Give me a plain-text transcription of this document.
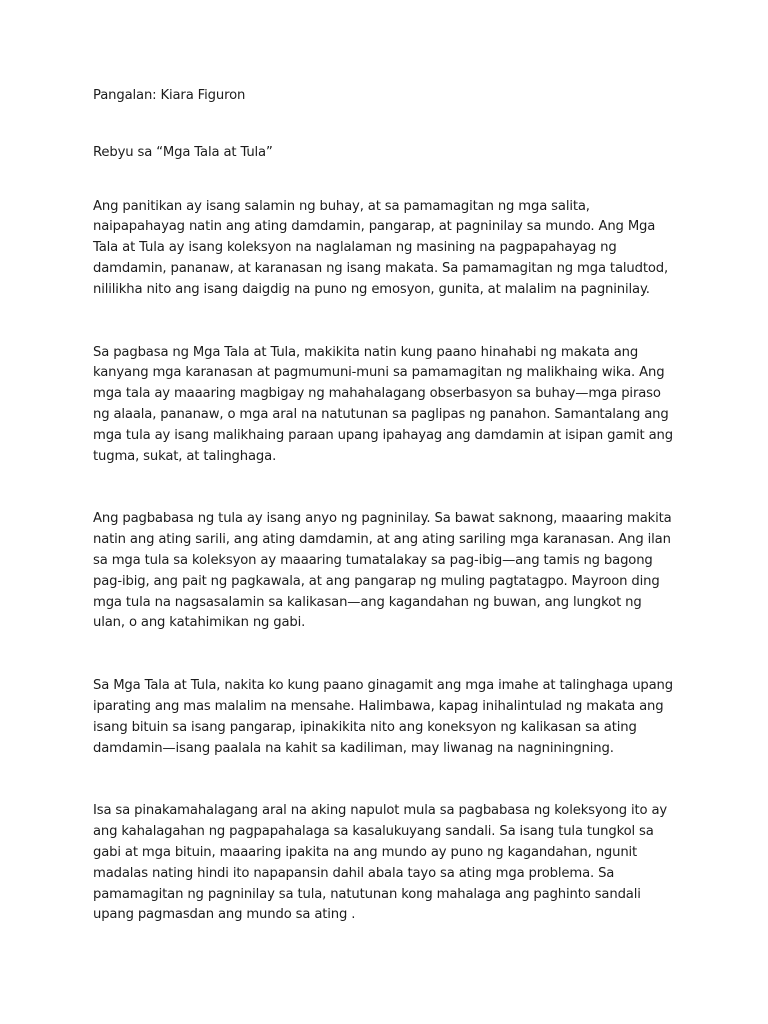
Pangalan: Kiara Figuron

Rebyu sa “Mga Tala at Tula”

Ang panitikan ay isang salamin ng buhay, at sa pamamagitan ng mga salita,

naipapahayag natin ang ating damdamin, pangarap, at pagninilay sa mundo. Ang Mga

Tala at Tula ay isang koleksyon na naglalaman ng masining na pagpapahayag ng

damdamin, pananaw, at karanasan ng isang makata. Sa pamamagitan ng mga taludtod,

nililikha nito ang isang daigdig na puno ng emosyon, gunita, at malalim na pagninilay.

Sa pagbasa ng Mga Tala at Tula, makikita natin kung paano hinahabi ng makata ang

kanyang mga karanasan at pagmumuni-muni sa pamamagitan ng malikhaing wika. Ang

mga tala ay maaaring magbigay ng mahahalagang obserbasyon sa buhay—mga piraso

ng alaala, pananaw, o mga aral na natutunan sa paglipas ng panahon. Samantalang ang

mga tula ay isang malikhaing paraan upang ipahayag ang damdamin at isipan gamit ang

tugma, sukat, at talinghaga.

Ang pagbabasa ng tula ay isang anyo ng pagninilay. Sa bawat saknong, maaaring makita

natin ang ating sarili, ang ating damdamin, at ang ating sariling mga karanasan. Ang ilan

sa mga tula sa koleksyon ay maaaring tumatalakay sa pag-ibig—ang tamis ng bagong

pag-ibig, ang pait ng pagkawala, at ang pangarap ng muling pagtatagpo. Mayroon ding

mga tula na nagsasalamin sa kalikasan—ang kagandahan ng buwan, ang lungkot ng

ulan, o ang katahimikan ng gabi.

Sa Mga Tala at Tula, nakita ko kung paano ginagamit ang mga imahe at talinghaga upang

iparating ang mas malalim na mensahe. Halimbawa, kapag inihalintulad ng makata ang

isang bituin sa isang pangarap, ipinakikita nito ang koneksyon ng kalikasan sa ating

damdamin—isang paalala na kahit sa kadiliman, may liwanag na nagniningning.

Isa sa pinakamahalagang aral na aking napulot mula sa pagbabasa ng koleksyong ito ay

ang kahalagahan ng pagpapahalaga sa kasalukuyang sandali. Sa isang tula tungkol sa

gabi at mga bituin, maaaring ipakita na ang mundo ay puno ng kagandahan, ngunit

madalas nating hindi ito napapansin dahil abala tayo sa ating mga problema. Sa

pamamagitan ng pagninilay sa tula, natutunan kong mahalaga ang paghinto sandali

upang pagmasdan ang mundo sa ating .
